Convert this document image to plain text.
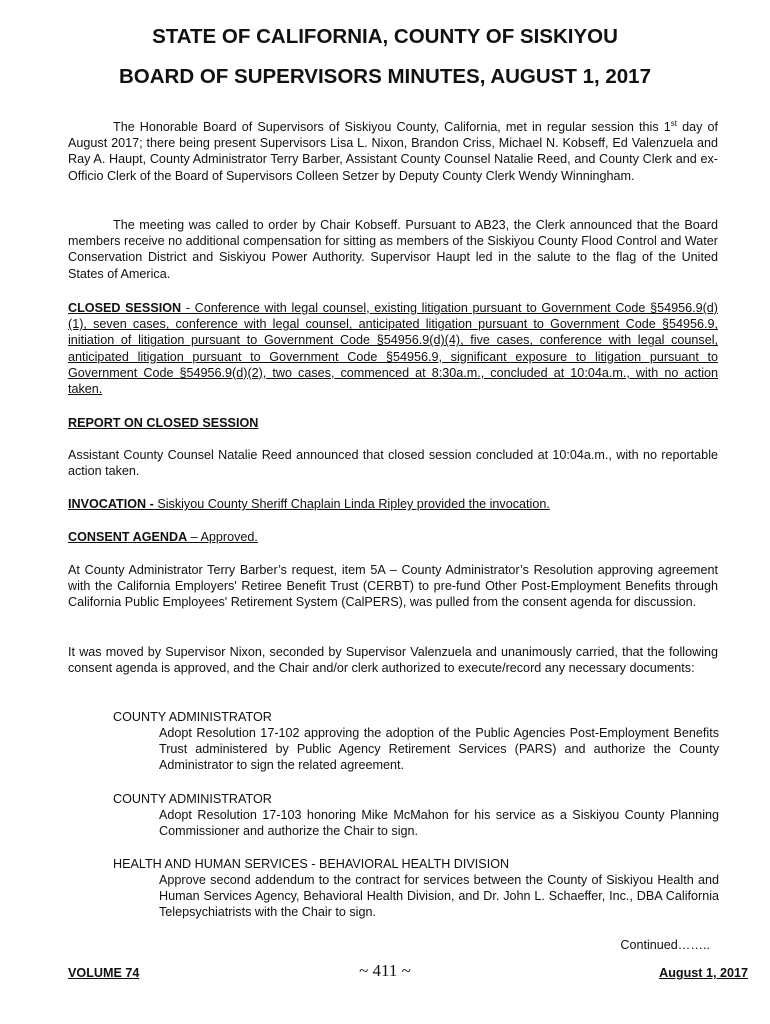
STATE OF CALIFORNIA, COUNTY OF SISKIYOU
BOARD OF SUPERVISORS MINUTES, AUGUST 1, 2017

The Honorable Board of Supervisors of Siskiyou County, California, met in regular session this 1st day of August 2017; there being present Supervisors Lisa L. Nixon, Brandon Criss, Michael N. Kobseff, Ed Valenzuela and Ray A. Haupt, County Administrator Terry Barber, Assistant County Counsel Natalie Reed, and County Clerk and ex-Officio Clerk of the Board of Supervisors Colleen Setzer by Deputy County Clerk Wendy Winningham.

The meeting was called to order by Chair Kobseff. Pursuant to AB23, the Clerk announced that the Board members receive no additional compensation for sitting as members of the Siskiyou County Flood Control and Water Conservation District and Siskiyou Power Authority. Supervisor Haupt led in the salute to the flag of the United States of America.

CLOSED SESSION - Conference with legal counsel, existing litigation pursuant to Government Code §54956.9(d)(1), seven cases, conference with legal counsel, anticipated litigation pursuant to Government Code §54956.9, initiation of litigation pursuant to Government Code §54956.9(d)(4), five cases, conference with legal counsel, anticipated litigation pursuant to Government Code §54956.9, significant exposure to litigation pursuant to Government Code §54956.9(d)(2), two cases, commenced at 8:30a.m., concluded at 10:04a.m., with no action taken.

REPORT ON CLOSED SESSION

Assistant County Counsel Natalie Reed announced that closed session concluded at 10:04a.m., with no reportable action taken.

INVOCATION - Siskiyou County Sheriff Chaplain Linda Ripley provided the invocation.

CONSENT AGENDA – Approved.

At County Administrator Terry Barber’s request, item 5A – County Administrator’s Resolution approving agreement with the California Employers' Retiree Benefit Trust (CERBT) to pre-fund Other Post-Employment Benefits through California Public Employees' Retirement System (CalPERS), was pulled from the consent agenda for discussion.

It was moved by Supervisor Nixon, seconded by Supervisor Valenzuela and unanimously carried, that the following consent agenda is approved, and the Chair and/or clerk authorized to execute/record any necessary documents:

COUNTY ADMINISTRATOR

Adopt Resolution 17-102 approving the adoption of the Public Agencies Post-Employment Benefits Trust administered by Public Agency Retirement Services (PARS) and authorize the County Administrator to sign the related agreement.

COUNTY ADMINISTRATOR

Adopt Resolution 17-103 honoring Mike McMahon for his service as a Siskiyou County Planning Commissioner and authorize the Chair to sign.

HEALTH AND HUMAN SERVICES - BEHAVIORAL HEALTH DIVISION

Approve second addendum to the contract for services between the County of Siskiyou Health and Human Services Agency, Behavioral Health Division, and Dr. John L. Schaeffer, Inc., DBA California Telepsychiatrists with the Chair to sign.

Continued……..
VOLUME 74	~ 411 ~	August 1, 2017
